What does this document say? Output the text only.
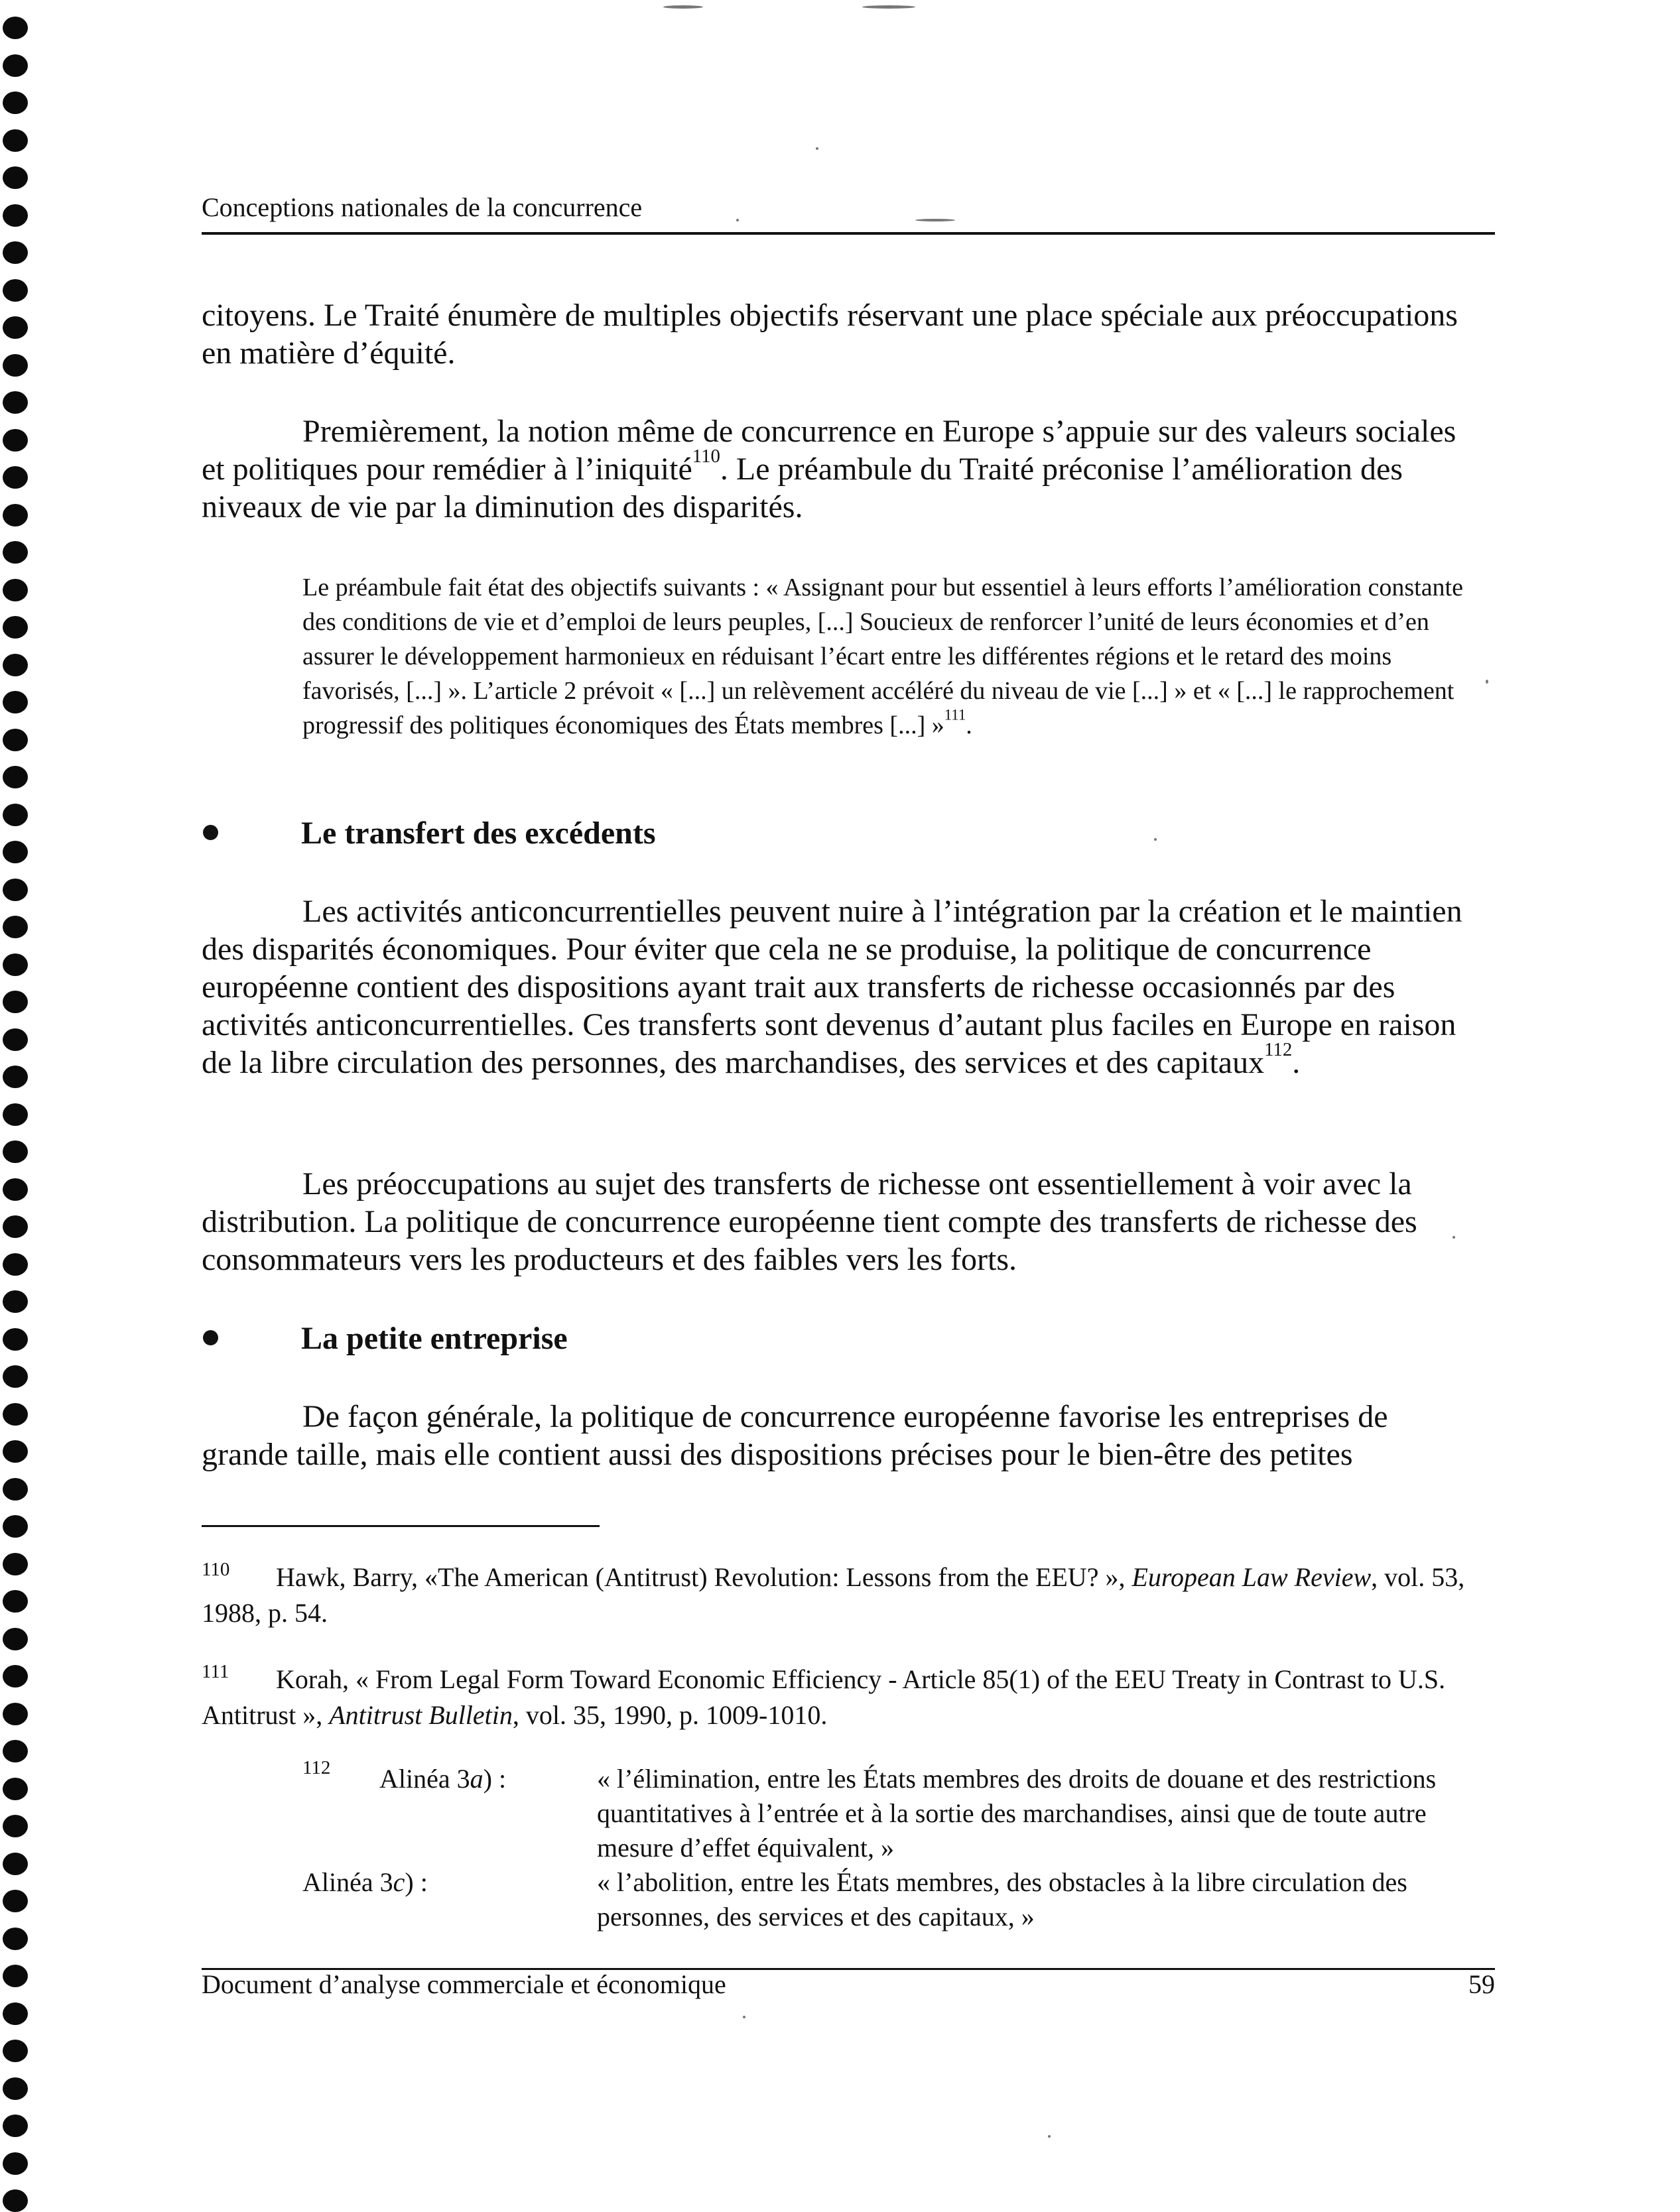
Conceptions nationales de la concurrence

citoyens. Le Traité énumère de multiples objectifs réservant une place spéciale aux préoccupations en matière d’équité.

Premièrement, la notion même de concurrence en Europe s’appuie sur des valeurs sociales et politiques pour remédier à l’iniquité$^{110}$. Le préambule du Traité préconise l’amélioration des niveaux de vie par la diminution des disparités.

Le préambule fait état des objectifs suivants : « Assignant pour but essentiel à leurs efforts l’amélioration constante des conditions de vie et d’emploi de leurs peuples, [...] Soucieux de renforcer l’unité de leurs économies et d’en assurer le développement harmonieux en réduisant l’écart entre les différentes régions et le retard des moins favorisés, [...] ». L’article 2 prévoit « [...] un relèvement accéléré du niveau de vie [...] » et « [...] le rapprochement progressif des politiques économiques des États membres [...] »$^{111}$.

Le transfert des excédents

Les activités anticoncurrentielles peuvent nuire à l’intégration par la création et le maintien des disparités économiques. Pour éviter que cela ne se produise, la politique de concurrence européenne contient des dispositions ayant trait aux transferts de richesse occasionnés par des activités anticoncurrentielles. Ces transferts sont devenus d’autant plus faciles en Europe en raison de la libre circulation des personnes, des marchandises, des services et des capitaux$^{112}$.

Les préoccupations au sujet des transferts de richesse ont essentiellement à voir avec la distribution. La politique de concurrence européenne tient compte des transferts de richesse des consommateurs vers les producteurs et des faibles vers les forts.

La petite entreprise

De façon générale, la politique de concurrence européenne favorise les entreprises de grande taille, mais elle contient aussi des dispositions précises pour le bien-être des petites

$^{110}$ Hawk, Barry, «The American (Antitrust) Revolution: Lessons from the EEU? », European Law Review, vol. 53, 1988, p. 54.

$^{111}$ Korah, « From Legal Form Toward Economic Efficiency - Article 85(1) of the EEU Treaty in Contrast to U.S. Antitrust », Antitrust Bulletin, vol. 35, 1990, p. 1009-1010.

112 Alinéa 3a) :	« l’élimination, entre les États membres des droits de douane et des restrictions quantitatives à l’entrée et à la sortie des marchandises, ainsi que de toute autre mesure d’effet équivalent, »
Alinéa 3c) :	« l’abolition, entre les États membres, des obstacles à la libre circulation des personnes, des services et des capitaux, »
Document d’analyse commerciale et économique	59
